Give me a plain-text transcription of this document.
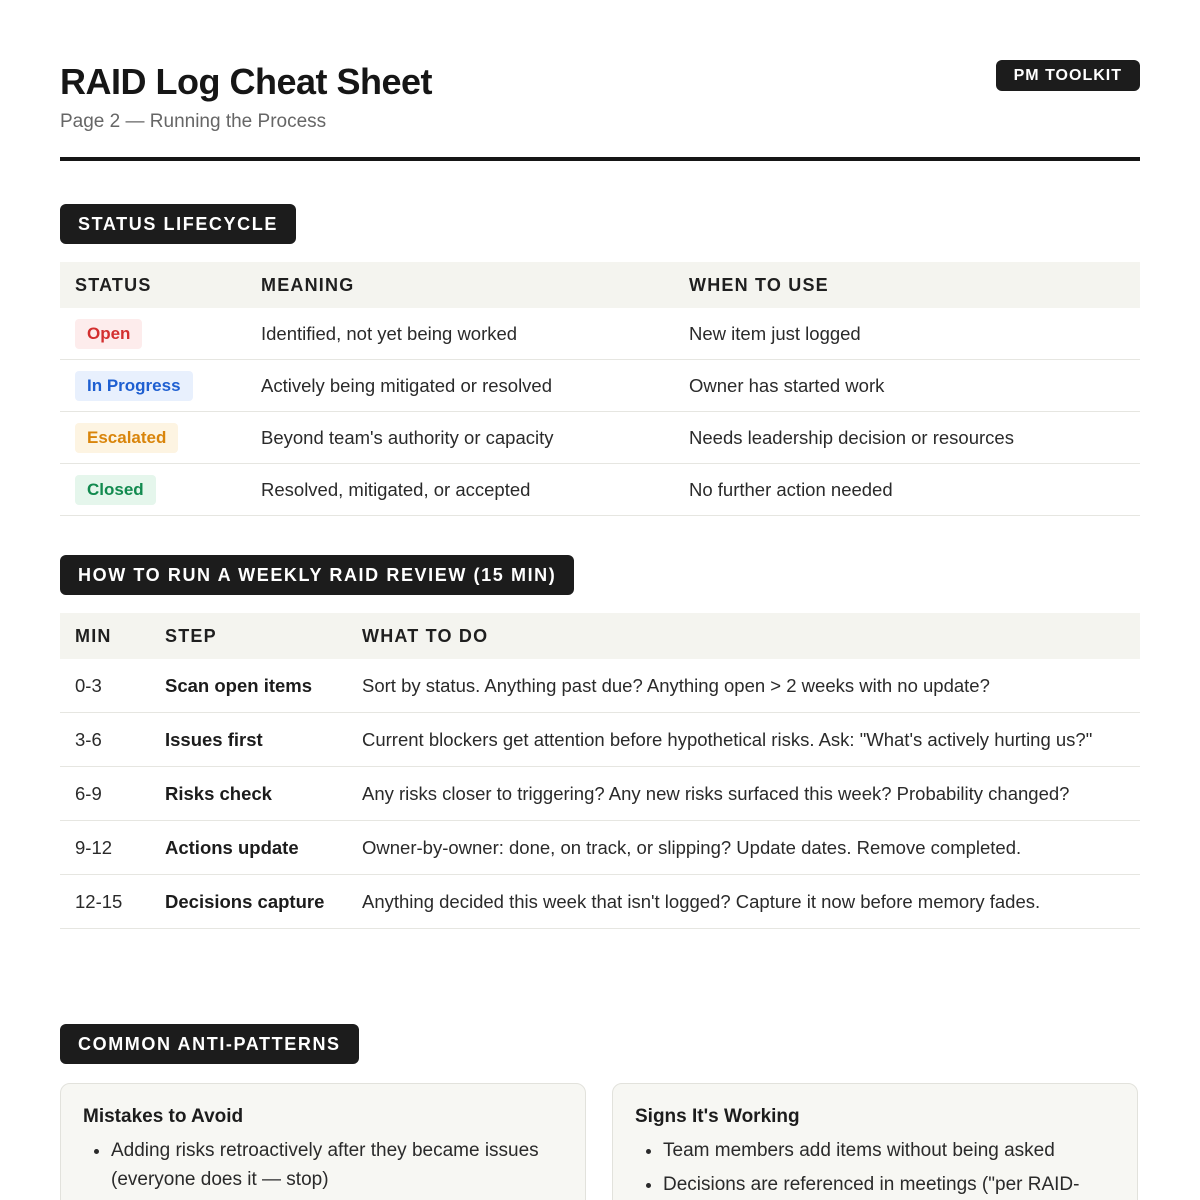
RAID Log Cheat Sheet
Page 2 — Running the Process
PM TOOLKIT
STATUS LIFECYCLE
STATUS	MEANING	WHEN TO USE
Open	Identified, not yet being worked	New item just logged
In Progress	Actively being mitigated or resolved	Owner has started work
Escalated	Beyond team's authority or capacity	Needs leadership decision or resources
Closed	Resolved, mitigated, or accepted	No further action needed
HOW TO RUN A WEEKLY RAID REVIEW (15 MIN)
MIN	STEP	WHAT TO DO
0-3	Scan open items	Sort by status. Anything past due? Anything open > 2 weeks with no update?
3-6	Issues first	Current blockers get attention before hypothetical risks. Ask: "What's actively hurting us?"
6-9	Risks check	Any risks closer to triggering? Any new risks surfaced this week? Probability changed?
9-12	Actions update	Owner-by-owner: done, on track, or slipping? Update dates. Remove completed.
12-15	Decisions capture	Anything decided this week that isn't logged? Capture it now before memory fades.
COMMON ANTI-PATTERNS
Mistakes to Avoid
• Adding risks retroactively after they became issues (everyone does it — stop)
Signs It's Working
• Team members add items without being asked
• Decisions are referenced in meetings ("per RAID-
